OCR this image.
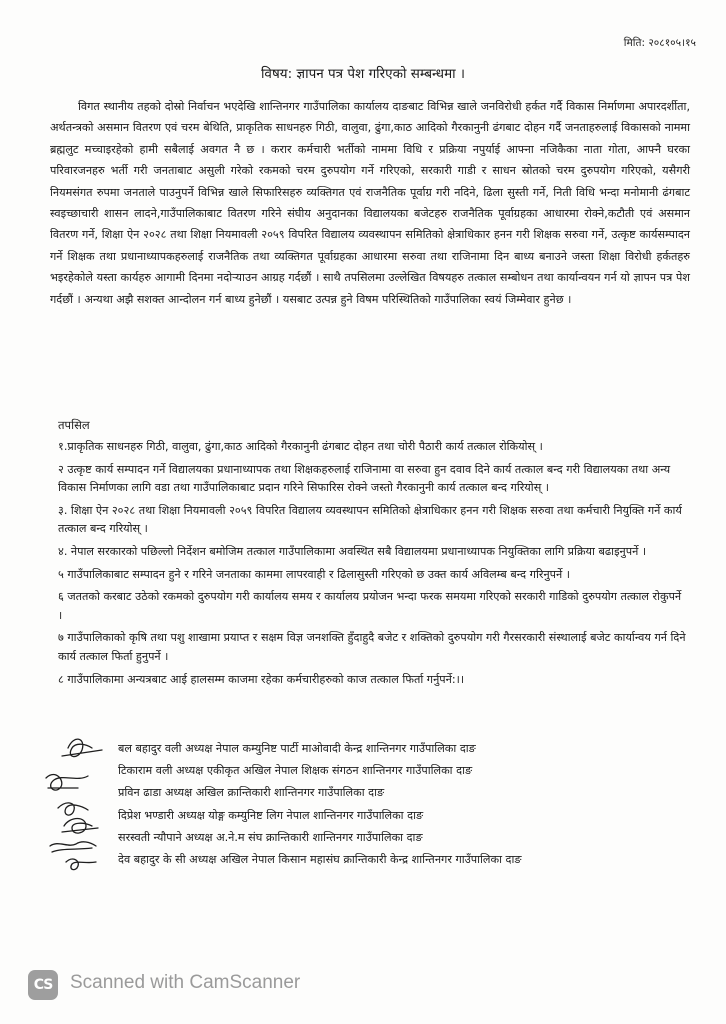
मिति: २०८१०५।१५
विषय: ज्ञापन पत्र पेश गरिएको सम्बन्धमा ।

विगत स्थानीय तहको दोस्रो निर्वाचन भएदेखि शान्तिनगर गाउँपालिका कार्यालय दाङबाट विभिन्न खाले जनविरोधी हर्कत गर्दै विकास निर्माणमा अपारदर्शीता, अर्थतन्त्रको असमान वितरण एवं चरम बेथिति, प्राकृतिक साधनहरु गिठी, वालुवा, ढुंगा,काठ आदिको गैरकानुनी ढंगबाट दोहन गर्दै जनताहरुलाई विकासको नाममा ब्रह्मलुट मच्चाइरहेको हामी सबैलाई अवगत नै छ । करार कर्मचारी भर्तीको नाममा विधि र प्रक्रिया नपुर्याई आफ्ना नजिकैका नाता गोता, आफ्नै घरका परिवारजनहरु भर्ती गरी जनताबाट असुली गरेको रकमको चरम दुरुपयोग गर्ने गरिएको, सरकारी गाडी र साधन स्रोतको चरम दुरुपयोग गरिएको, यसैगरी नियमसंगत रुपमा जनताले पाउनुपर्ने विभिन्न खाले सिफारिसहरु व्यक्तिगत एवं राजनैतिक पूर्वाग्र गरी नदिने, ढिला सुस्ती गर्ने, निती विधि भन्दा मनोमानी ढंगबाट स्वइच्छाचारी शासन लादने,गाउँपालिकाबाट वितरण गरिने संघीय अनुदानका विद्यालयका बजेटहरु राजनैतिक पूर्वाग्रहका आधारमा रोक्ने,कटौती एवं असमान वितरण गर्ने, शिक्षा ऐन २०२८ तथा शिक्षा नियमावली २०५९ विपरित विद्यालय व्यवस्थापन समितिको क्षेत्राधिकार हनन गरी शिक्षक सरुवा गर्ने, उत्कृष्ट कार्यसम्पादन गर्ने शिक्षक तथा प्रधानाध्यापकहरुलाई राजनैतिक तथा व्यक्तिगत पूर्वाग्रहका आधारमा सरुवा तथा राजिनामा दिन बाध्य बनाउने जस्ता शिक्षा विरोधी हर्कतहरु भइरहेकोले यस्ता कार्यहरु आगामी दिनमा नदोर्‍याउन आग्रह गर्दछौं । साथै तपसिलमा उल्लेखित विषयहरु तत्काल सम्बोधन तथा कार्यान्वयन गर्न यो ज्ञापन पत्र पेश गर्दछौं । अन्यथा अझै सशक्त आन्दोलन गर्न बाध्य हुनेछौं । यसबाट उत्पन्न हुने विषम परिस्थितिको गाउँपालिका स्वयं जिम्मेवार हुनेछ ।

तपसिल
१.प्राकृतिक साधनहरु गिठी, वालुवा, ढुंगा,काठ आदिको गैरकानुनी ढंगबाट दोहन तथा चोरी पैठारी कार्य तत्काल रोकियोस् ।
२ उत्कृष्ट कार्य सम्पादन गर्ने विद्यालयका प्रधानाध्यापक तथा शिक्षकहरुलाई राजिनामा वा सरुवा हुन दवाव दिने कार्य तत्काल बन्द गरी विद्यालयका तथा अन्य विकास निर्माणका लागि वडा तथा गाउँपालिकाबाट प्रदान गरिने सिफारिस रोक्ने जस्तो गैरकानुनी कार्य तत्काल बन्द गरियोस् ।
३. शिक्षा ऐन २०२८ तथा शिक्षा नियमावली २०५९ विपरित विद्यालय व्यवस्थापन समितिको क्षेत्राधिकार हनन गरी शिक्षक सरुवा तथा कर्मचारी नियुक्ति गर्ने कार्य तत्काल बन्द गरियोस् ।
४. नेपाल सरकारको पछिल्लो निर्देशन बमोजिम तत्काल गाउँपालिकामा अवस्थित सबै विद्यालयमा प्रधानाध्यापक नियुक्तिका लागि प्रक्रिया बढाइनुपर्ने ।
५ गाउँपालिकाबाट सम्पादन हुने र गरिने जनताका काममा लापरवाही र ढिलासुस्ती गरिएको छ उक्त कार्य अविलम्ब बन्द गरिनुपर्ने ।
६ जततको करबाट उठेको रकमको दुरुपयोग गरी कार्यालय समय र कार्यालय प्रयोजन भन्दा फरक समयमा गरिएको सरकारी गाडिको दुरुपयोग तत्काल रोकुपर्ने ।
७ गाउँपालिकाको कृषि तथा पशु शाखामा प्रयाप्त र सक्षम विज्ञ जनशक्ति हुँदाहुदै बजेट र शक्तिको दुरुपयोग गरी गैरसरकारी संस्थालाई बजेट कार्यान्वय गर्न दिने कार्य तत्काल फिर्ता हुनुपर्ने ।
८ गाउँपालिकामा अन्यत्रबाट आई हालसम्म काजमा रहेका कर्मचारीहरुको काज तत्काल फिर्ता गर्नुपर्ने:।।
बल बहादुर वली अध्यक्ष नेपाल कम्युनिष्ट पार्टी माओवादी केन्द्र शान्तिनगर गाउँपालिका दाङ
टिकाराम वली अध्यक्ष एकीकृत अखिल नेपाल शिक्षक संगठन शान्तिनगर गाउँपालिका दाङ
प्रविन ढाडा अध्यक्ष अखिल क्रान्तिकारी शान्तिनगर गाउँपालिका दाङ
दिप्रेश भण्डारी अध्यक्ष योङ्ग कम्युनिष्ट लिग नेपाल शान्तिनगर गाउँपालिका दाङ
सरस्वती न्यौपाने अध्यक्ष अ.ने.म संघ क्रान्तिकारी शान्तिनगर गाउँपालिका दाङ
देव बहादुर के सी अध्यक्ष अखिल नेपाल किसान महासंघ क्रान्तिकारी केन्द्र शान्तिनगर गाउँपालिका दाङ
CS Scanned with CamScanner
